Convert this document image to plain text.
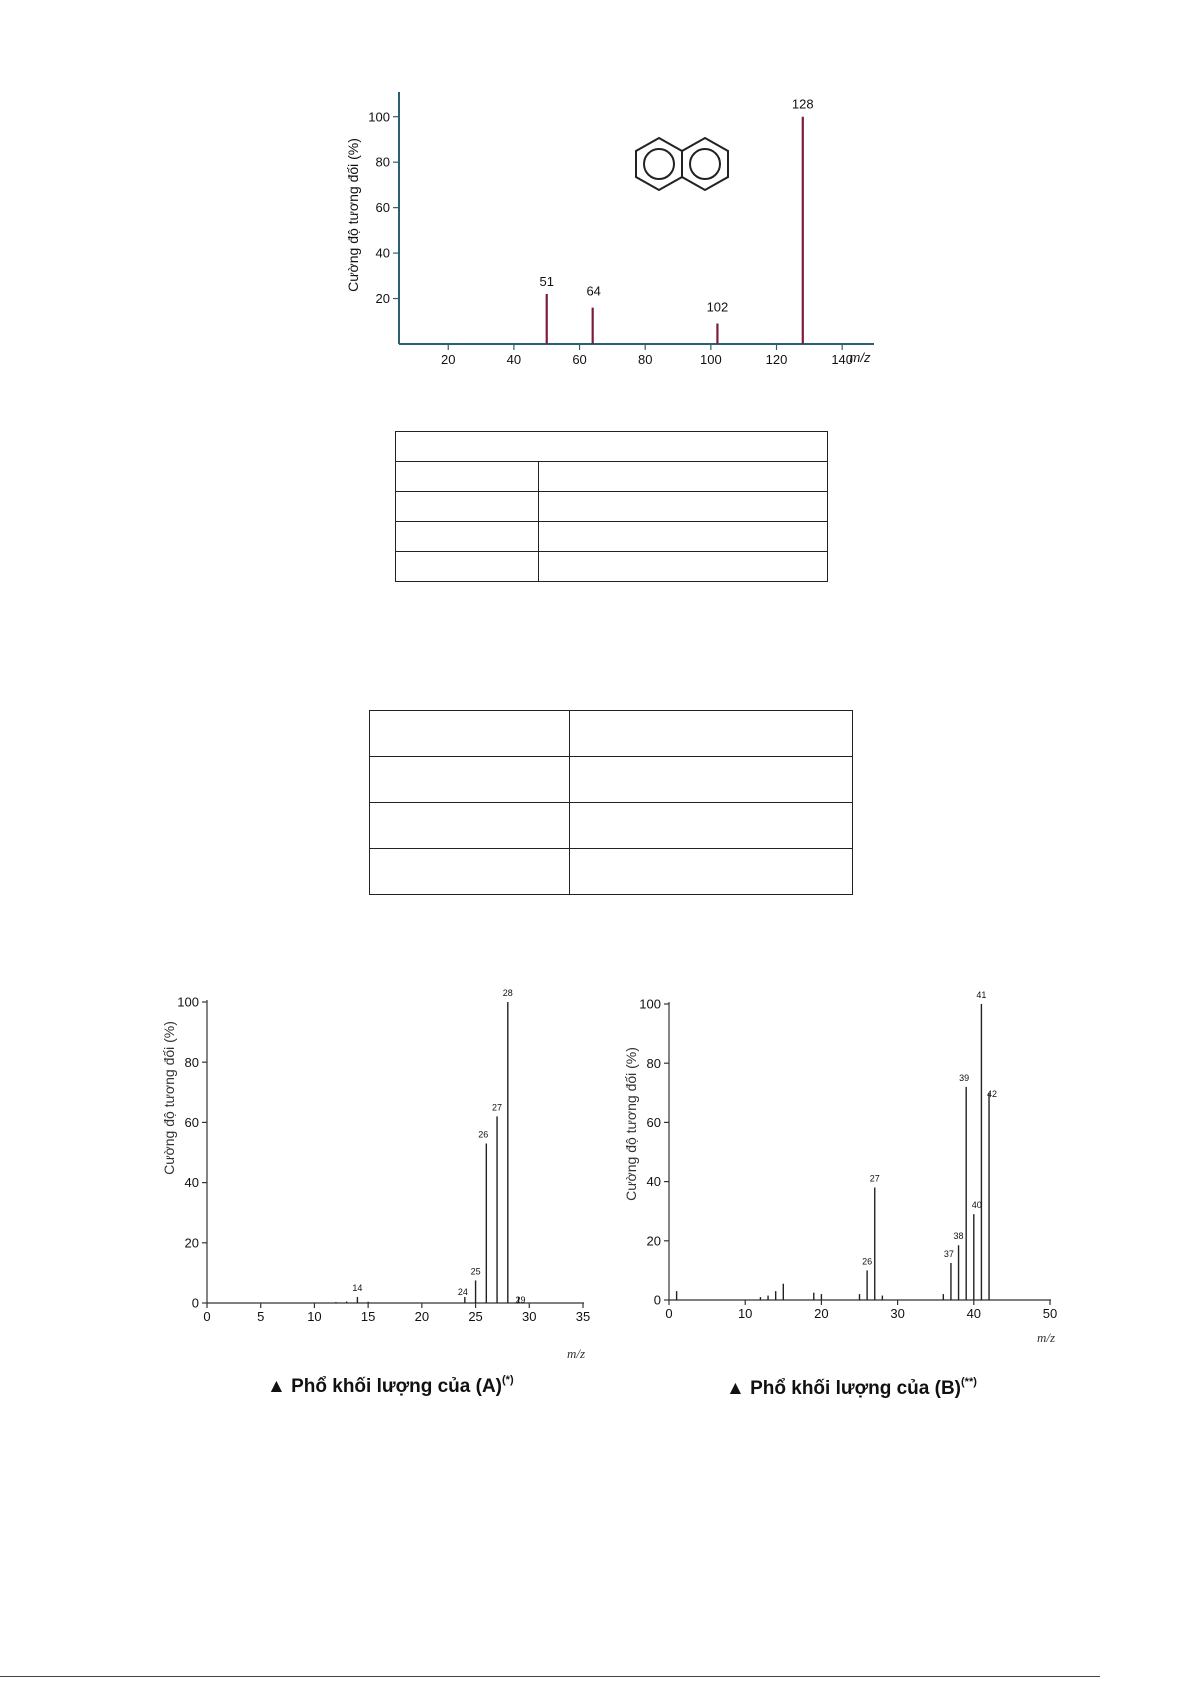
20	40	60	80	100	120	140
20
40
60
80
100
51
64
102
128
Cường độ tương đối (%)
m/z

0	5	10	15	20	25	30	35
0
20
40
60
80
100
14	24
25
26
27
28
29
Cường độ tương đối (%)
m/z
▲ Phổ khối lượng của (A)(*)
0	10	20	30	40	50
0
20
40
60
80
100
26
27
37
38
39
40
41
42
Cường độ tương đối (%)
m/z
▲ Phổ khối lượng của (B)(**)
